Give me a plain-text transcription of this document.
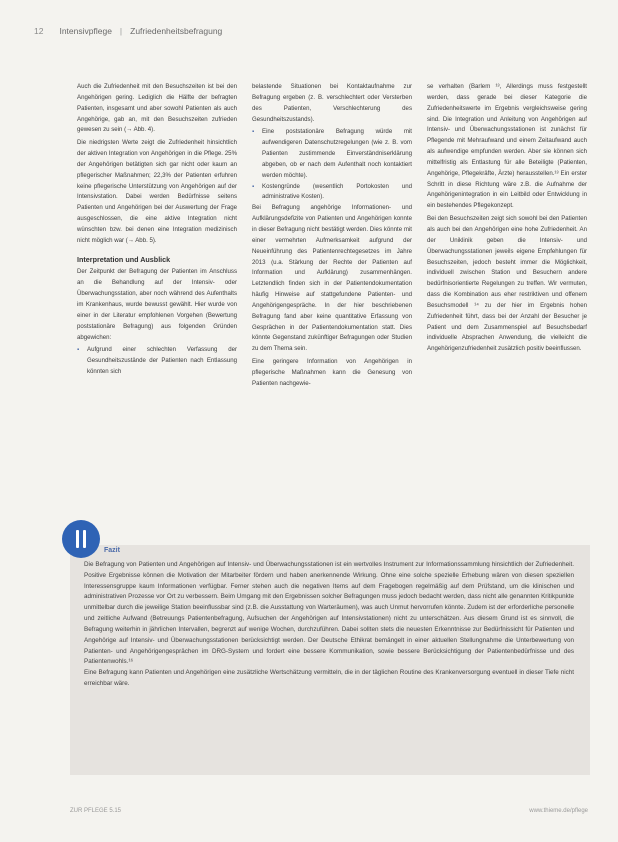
12 Intensivpflege | Zufriedenheitsbefragung

Auch die Zufriedenheit mit den Besuchszeiten ist bei den Angehörigen gering. Lediglich die Hälfte der befragten Patienten, insgesamt und aber sowohl Patienten als auch Angehörige, gab an, mit den Besuchszeiten zufrieden gewesen zu sein (→ Abb. 4).

Die niedrigsten Werte zeigt die Zufriedenheit hinsichtlich der aktiven Integration von Angehörigen in die Pflege. 25% der Angehörigen betätigten sich gar nicht oder kaum an pflegerischer Maßnahmen; 22,3% der Patienten erfuhren keine pflegerische Unterstützung von Angehörigen auf der Intensivstation. Dabei werden Bedürfnisse seitens Patienten und Angehörigen bei der Auswertung der Frage ausgeschlossen, die eine aktive Integration nicht wünschten bzw. bei denen eine Integration medizinisch nicht möglich war (→ Abb. 5).

Interpretation und Ausblick

Der Zeitpunkt der Befragung der Patienten im Anschluss an die Behandlung auf der Intensiv- oder Überwachungsstation, aber noch während des Aufenthalts im Krankenhaus, wurde bewusst gewählt. Hier wurde von einer in der Literatur empfohlenen Vorgehen (Bewertung poststationäre Befragung) aus folgenden Gründen abgewichen:

▪ Aufgrund einer schlechten Verfassung der Gesundheitszustände der Patienten nach Entlassung könnten sich

belastende Situationen bei Kontaktaufnahme zur Befragung ergeben (z. B. verschlechtert oder Versterben des Patienten, Verschlechterung des Gesundheitszustands).

▪ Eine poststationäre Befragung würde mit aufwendigeren Datenschutzregelungen (wie z. B. vom Patienten zustimmende Einverständniserklärung abgeben, ob er nach dem Aufenthalt noch kontaktiert werden möchte).
▪ Kostengründe (wesentlich Portokosten und administrative Kosten).

Bei Befragung angehörige Informationen- und Aufklärungsdefizite von Patienten und Angehörigen konnte in dieser Befragung nicht bestätigt werden. Dies könnte mit einer vermehrten Aufmerksamkeit aufgrund der Neueinführung des Patientenrechtegesetzes im Jahre 2013 (u.a. Stärkung der Rechte der Patienten auf Information und Aufklärung) zusammenhängen. Letztendlich finden sich in der Patientendokumentation häufig Hinweise auf stattgefundene Patienten- und Angehörigengespräche. In der hier beschriebenen Befragung fand aber keine quantitative Erfassung von Gesprächen in der Patientendokumentation statt. Dies könnte Gegenstand zukünftiger Befragungen oder Studien zu dem Thema sein.

Eine geringere Information von Angehörigen in pflegerische Maßnahmen kann die Genesung von Patienten nachgewie-

se verhalten (Barlem ¹³, Allerdings muss festgestellt werden, dass gerade bei dieser Kategorie die Zufriedenheitswerte im Ergebnis vergleichsweise gering sind. Die Integration und Anleitung von Angehörigen auf Intensiv- und Überwachungsstationen ist zunächst für Pflegende mit Mehraufwand und einem Zeitaufwand auch als aufwendige empfunden werden. Aber sie können sich mittelfristig als Entlastung für alle Beteiligte (Patienten, Angehörige, Pflegekräfte, Ärzte) herausstellen.¹³ Ein erster Schritt in diese Richtung wäre z.B. die Aufnahme der Angehörigenintegration in ein Leitbild oder Entwicklung in ein bestehendes Pflegekonzept.

Bei den Besuchszeiten zeigt sich sowohl bei den Patienten als auch bei den Angehörigen eine hohe Zufriedenheit. An der Uniklinik geben die Intensiv- und Überwachungsstationen jeweils eigene Empfehlungen für Besuchszeiten, jedoch besteht immer die Möglichkeit, individuell zwischen Station und Besuchern andere bedürfnisorientierte Regelungen zu treffen. Wir vermuten, dass die Kombination aus eher restriktiven und offenem Besuchsmodell ¹⁴ zu der hier im Ergebnis hohen Zufriedenheit führt, dass bei der Anzahl der Besucher je Patient und dem Zusammenspiel auf Besuchsbedarf individuelle Absprachen Anwendung, die vielleicht die Angehörigenzufriedenheit zusätzlich positiv beeinflussen.

Fazit

Die Befragung von Patienten und Angehörigen auf Intensiv- und Überwachungsstationen ist ein wertvolles Instrument zur Informationssammlung hinsichtlich der Zufriedenheit. Positive Ergebnisse können die Motivation der Mitarbeiter fördern und haben anerkennende Wirkung. Ohne eine solche spezielle Erhebung wären von diesen speziellen Interessensgruppe kaum Informationen verfügbar. Ferner stehen auch die negativen Items auf dem Fragebogen regelmäßig auf dem Prüfstand, um die klinischen und administrativen Prozesse vor Ort zu verbessern. Beim Umgang mit den Ergebnissen solcher Befragungen muss jedoch bedacht werden, dass nicht alle genannten Kritikpunkte unmittelbar durch die jeweilige Station beeinflussbar sind (z.B. die Ausstattung von Warteräumen), was auch Unmut hervorrufen könnte. Zudem ist der erforderliche personelle und zeitliche Aufwand (Betreuungs Patientenbefragung, Aufsuchen der Angehörigen auf Intensivstationen) nicht zu unterschätzen. Aus diesem Grund ist es sinnvoll, die Befragung weiterhin in jährlichen Intervallen, begrenzt auf wenige Wochen, durchzuführen. Dabei sollten stets die neuesten Erkenntnisse zur Bedürfnissicht für Patienten und Angehörige auf Intensiv- und Überwachungsstationen berücksichtigt werden. Der Deutsche Ethikrat bemängelt in einer aktuellen Stellungnahme die Unterbewertung von Patienten- und Angehörigengesprächen im DRG-System und fordert eine bessere Kommunikation, sowie bessere Berücksichtigung der Patientenbedürfnisse und des Patientenwohls.¹⁶

Eine Befragung kann Patienten und Angehörigen eine zusätzliche Wertschätzung vermitteln, die in der täglichen Routine des Krankenversorgung eventuell in dieser Tiefe nicht erreichbar wäre.

ZUR PFLEGE 5.15	www.thieme.de/pflege
